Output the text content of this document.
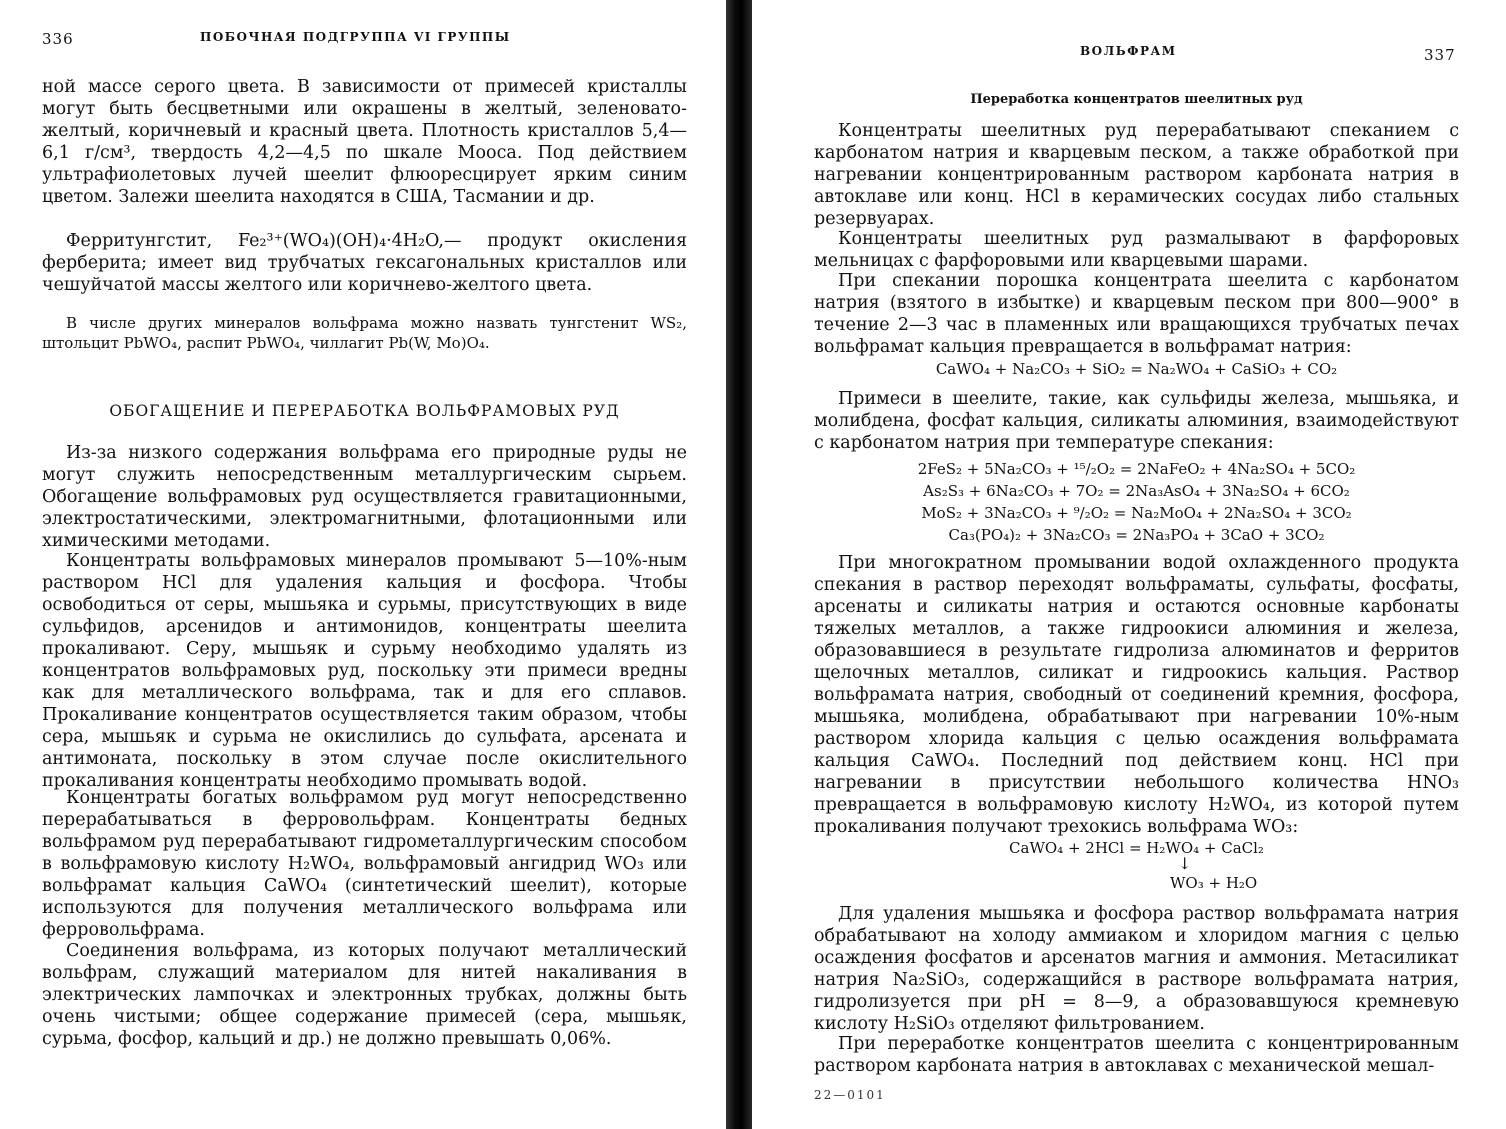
336	ПОБОЧНАЯ ПОДГРУППА VI ГРУППЫ

ной массе серого цвета. В зависимости от примесей кристаллы могут быть бесцветными или окрашены в желтый, зеленовато-желтый, коричневый и красный цвета. Плотность кристаллов 5,4—6,1 г/см³, твердость 4,2—4,5 по шкале Мооса. Под действием ультрафиолетовых лучей шеелит флюоресцирует ярким синим цветом. Залежи шеелита находятся в США, Тасмании и др.

Ферритунгстит, Fe₂³⁺(WO₄)(OH)₄·4H₂O,— продукт окисления ферберита; имеет вид трубчатых гексагональных кристаллов или чешуйчатой массы желтого или коричнево-желтого цвета.

В числе других минералов вольфрама можно назвать тунгстенит WS₂, штольцит PbWO₄, распит PbWO₄, чиллагит Pb(W, Mo)O₄.

ОБОГАЩЕНИЕ И ПЕРЕРАБОТКА ВОЛЬФРАМОВЫХ РУД

Из-за низкого содержания вольфрама его природные руды не могут служить непосредственным металлургическим сырьем. Обогащение вольфрамовых руд осуществляется гравитационными, электростатическими, электромагнитными, флотационными или химическими методами.

Концентраты вольфрамовых минералов промывают 5—10%-ным раствором HCl для удаления кальция и фосфора. Чтобы освободиться от серы, мышьяка и сурьмы, присутствующих в виде сульфидов, арсенидов и антимонидов, концентраты шеелита прокаливают. Серу, мышьяк и сурьму необходимо удалять из концентратов вольфрамовых руд, поскольку эти примеси вредны как для металлического вольфрама, так и для его сплавов. Прокаливание концентратов осуществляется таким образом, чтобы сера, мышьяк и сурьма не окислились до сульфата, арсената и антимоната, поскольку в этом случае после окислительного прокаливания концентраты необходимо промывать водой.

Концентраты богатых вольфрамом руд могут непосредственно перерабатываться в ферровольфрам. Концентраты бедных вольфрамом руд перерабатывают гидрометаллургическим способом в вольфрамовую кислоту H₂WO₄, вольфрамовый ангидрид WO₃ или вольфрамат кальция CaWO₄ (синтетический шеелит), которые используются для получения металлического вольфрама или ферровольфрама.

Соединения вольфрама, из которых получают металлический вольфрам, служащий материалом для нитей накаливания в электрических лампочках и электронных трубках, должны быть очень чистыми; общее содержание примесей (сера, мышьяк, сурьма, фосфор, кальций и др.) не должно превышать 0,06%.

ВОЛЬФРАМ	337
Переработка концентратов шеелитных руд

Концентраты шеелитных руд перерабатывают спеканием с карбонатом натрия и кварцевым песком, а также обработкой при нагревании концентрированным раствором карбоната натрия в автоклаве или конц. HCl в керамических сосудах либо стальных резервуарах.

Концентраты шеелитных руд размалывают в фарфоровых мельницах с фарфоровыми или кварцевыми шарами.

При спекании порошка концентрата шеелита с карбонатом натрия (взятого в избытке) и кварцевым песком при 800—900° в течение 2—3 час в пламенных или вращающихся трубчатых печах вольфрамат кальция превращается в вольфрамат натрия:

CaWO₄ + Na₂CO₃ + SiO₂ = Na₂WO₄ + CaSiO₃ + CO₂

Примеси в шеелите, такие, как сульфиды железа, мышьяка, и молибдена, фосфат кальция, силикаты алюминия, взаимодействуют с карбонатом натрия при температуре спекания:

2FeS₂ + 5Na₂CO₃ + ¹⁵/₂O₂ = 2NaFeO₂ + 4Na₂SO₄ + 5CO₂
As₂S₃ + 6Na₂CO₃ + 7O₂ = 2Na₃AsO₄ + 3Na₂SO₄ + 6CO₂
MoS₂ + 3Na₂CO₃ + ⁹/₂O₂ = Na₂MoO₄ + 2Na₂SO₄ + 3CO₂
Ca₃(PO₄)₂ + 3Na₂CO₃ = 2Na₃PO₄ + 3CaO + 3CO₂

При многократном промывании водой охлажденного продукта спекания в раствор переходят вольфраматы, сульфаты, фосфаты, арсенаты и силикаты натрия и остаются основные карбонаты тяжелых металлов, а также гидроокиси алюминия и железа, образовавшиеся в результате гидролиза алюминатов и ферритов щелочных металлов, силикат и гидроокись кальция. Раствор вольфрамата натрия, свободный от соединений кремния, фосфора, мышьяка, молибдена, обрабатывают при нагревании 10%-ным раствором хлорида кальция с целью осаждения вольфрамата кальция CaWO₄. Последний под действием конц. HCl при нагревании в присутствии небольшого количества HNO₃ превращается в вольфрамовую кислоту H₂WO₄, из которой путем прокаливания получают трехокись вольфрама WO₃:

CaWO₄ + 2HCl = H₂WO₄ + CaCl₂
↓
WO₃ + H₂O

Для удаления мышьяка и фосфора раствор вольфрамата натрия обрабатывают на холоду аммиаком и хлоридом магния с целью осаждения фосфатов и арсенатов магния и аммония. Метасиликат натрия Na₂SiO₃, содержащийся в растворе вольфрамата натрия, гидролизуется при pH = 8—9, а образовавшуюся кремневую кислоту H₂SiO₃ отделяют фильтрованием.

При переработке концентратов шеелита с концентрированным раствором карбоната натрия в автоклавах с механической мешал-

22—0101
